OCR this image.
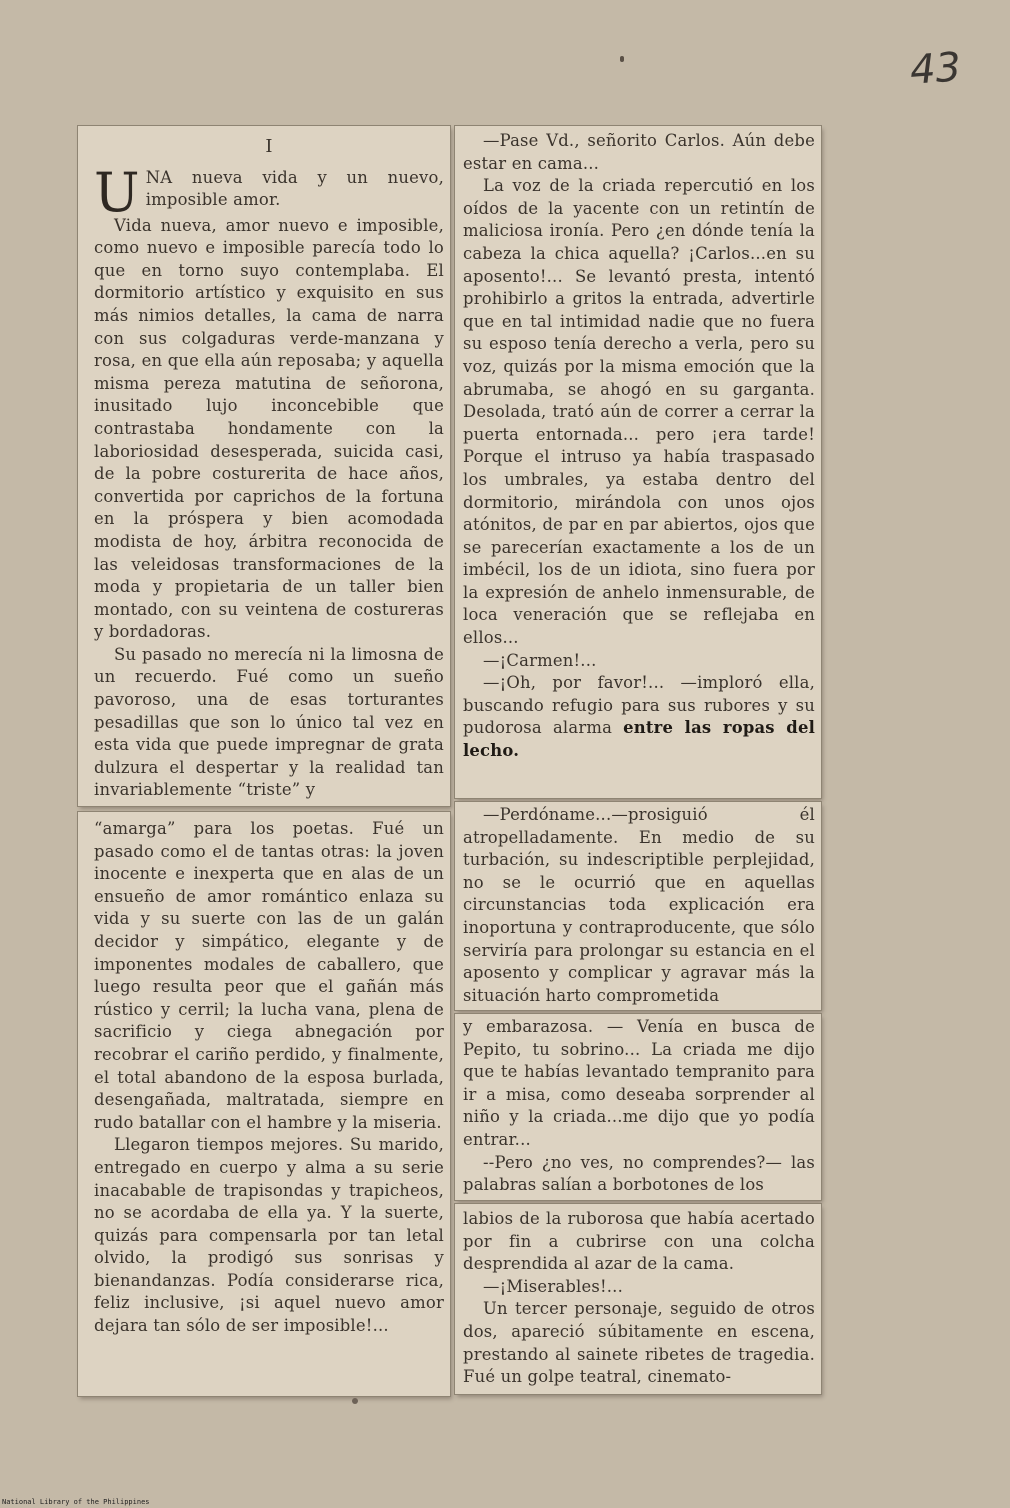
43

I

U NA nueva vida y un nuevo, imposible amor.

Vida nueva, amor nuevo e imposible, como nuevo e imposible parecía todo lo que en torno suyo contemplaba. El dormitorio artístico y exquisito en sus más nimios detalles, la cama de narra con sus colgaduras verde-manzana y rosa, en que ella aún reposaba; y aquella misma pereza matutina de señorona, inusitado lujo inconcebible que contrastaba hondamente con la laboriosidad desesperada, suicida casi, de la pobre costurerita de hace años, convertida por caprichos de la fortuna en la próspera y bien acomodada modista de hoy, árbitra reconocida de las veleidosas transformaciones de la moda y propietaria de un taller bien montado, con su veintena de costureras y bordadoras.

Su pasado no merecía ni la limosna de un recuerdo. Fué como un sueño pavoroso, una de esas torturantes pesadillas que son lo único tal vez en esta vida que puede impregnar de grata dulzura el despertar y la realidad tan invariablemente “triste” y

“amarga” para los poetas. Fué un pasado como el de tantas otras: la joven inocente e inexperta que en alas de un ensueño de amor romántico enlaza su vida y su suerte con las de un galán decidor y simpático, elegante y de imponentes modales de caballero, que luego resulta peor que el gañán más rústico y cerril; la lucha vana, plena de sacrificio y ciega abnegación por recobrar el cariño perdido, y finalmente, el total abandono de la esposa burlada, desengañada, maltratada, siempre en rudo batallar con el hambre y la miseria.

Llegaron tiempos mejores. Su marido, entregado en cuerpo y alma a su serie inacabable de trapisondas y trapicheos, no se acordaba de ella ya. Y la suerte, quizás para compensarla por tan letal olvido, la prodigó sus sonrisas y bienandanzas. Podía considerarse rica, feliz inclusive, ¡si aquel nuevo amor dejara tan sólo de ser imposible!...

—Pase Vd., señorito Carlos. Aún debe estar en cama...

La voz de la criada repercutió en los oídos de la yacente con un retintín de maliciosa ironía. Pero ¿en dónde tenía la cabeza la chica aquella? ¡Carlos...en su aposento!... Se levantó presta, intentó prohibirlo a gritos la entrada, advertirle que en tal intimidad nadie que no fuera su esposo tenía derecho a verla, pero su voz, quizás por la misma emoción que la abrumaba, se ahogó en su garganta. Desolada, trató aún de correr a cerrar la puerta entornada... pero ¡era tarde! Porque el intruso ya había traspasado los umbrales, ya estaba dentro del dormitorio, mirándola con unos ojos atónitos, de par en par abiertos, ojos que se parecerían exactamente a los de un imbécil, los de un idiota, sino fuera por la expresión de anhelo inmensurable, de loca veneración que se reflejaba en ellos...

—¡Carmen!...

—¡Oh, por favor!... —imploró ella, buscando refugio para sus rubores y su pudorosa alarma entre las ropas del lecho.

—Perdóname...—prosiguió él atropelladamente. En medio de su turbación, su indescriptible perplejidad, no se le ocurrió que en aquellas circunstancias toda explicación era inoportuna y contraproducente, que sólo serviría para prolongar su estancia en el aposento y complicar y agravar más la situación harto comprometida

y embarazosa. — Venía en busca de Pepito, tu sobrino... La criada me dijo que te habías levantado tempranito para ir a misa, como deseaba sorprender al niño y la criada...me dijo que yo podía entrar...

--Pero ¿no ves, no comprendes?— las palabras salían a borbotones de los

labios de la ruborosa que había acertado por fin a cubrirse con una colcha desprendida al azar de la cama.

—¡Miserables!...

Un tercer personaje, seguido de otros dos, apareció súbitamente en escena, prestando al sainete ribetes de tragedia. Fué un golpe teatral, cinemato-

National Library of the Philippines
